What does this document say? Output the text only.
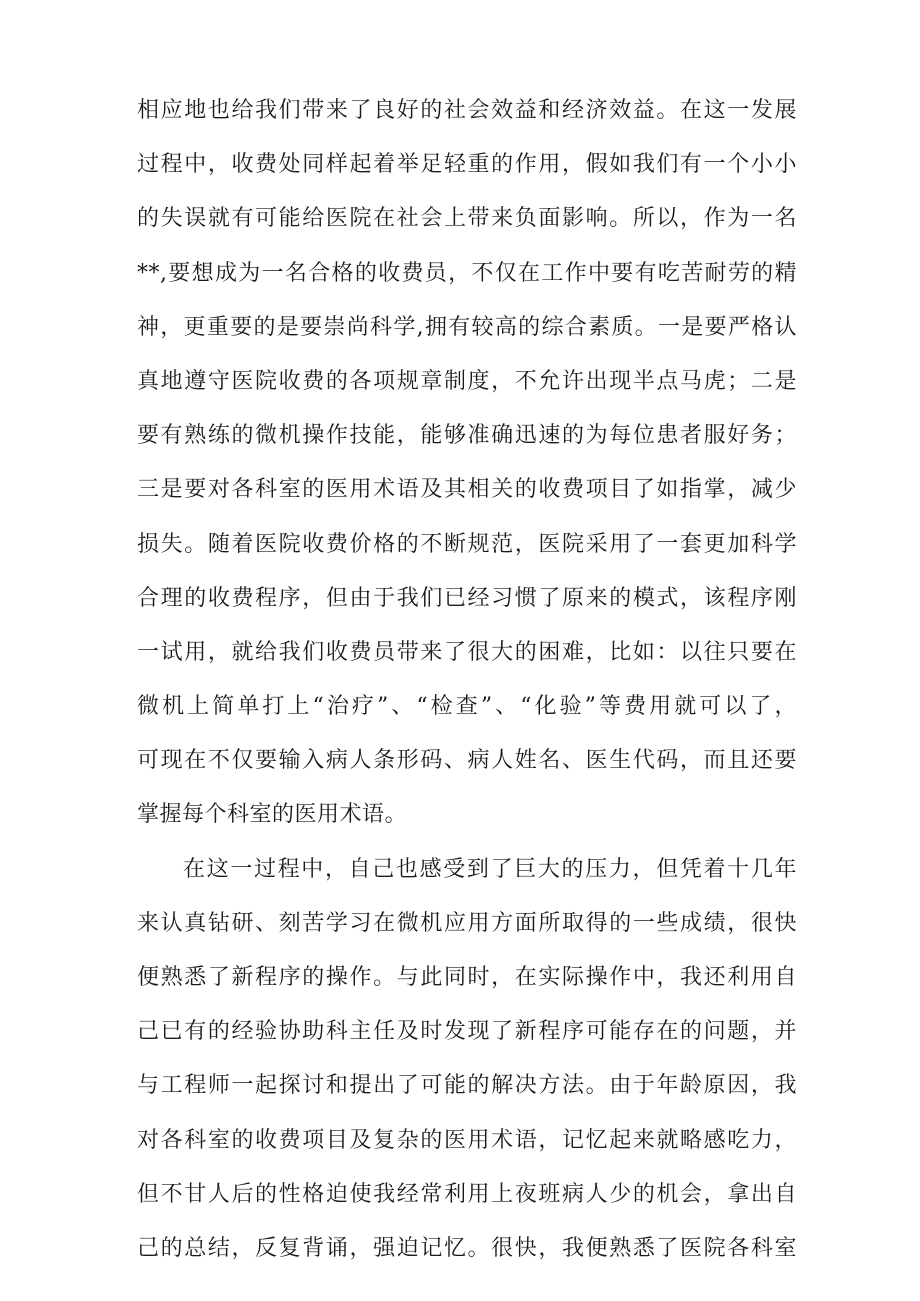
相应地也给我们带来了良好的社会效益和经济效益。在这一发展
过程中，收费处同样起着举足轻重的作用，假如我们有一个小小
的失误就有可能给医院在社会上带来负面影响。所以，作为一名
**,要想成为一名合格的收费员，不仅在工作中要有吃苦耐劳的精
神，更重要的是要崇尚科学,拥有较高的综合素质。一是要严格认
真地遵守医院收费的各项规章制度，不允许出现半点马虎；二是
要有熟练的微机操作技能，能够准确迅速的为每位患者服好务；
三是要对各科室的医用术语及其相关的收费项目了如指掌，减少
损失。随着医院收费价格的不断规范，医院采用了一套更加科学
合理的收费程序，但由于我们已经习惯了原来的模式，该程序刚
一试用，就给我们收费员带来了很大的困难，比如：以往只要在
微机上简单打上“治疗”、“检查”、“化验”等费用就可以了，
可现在不仅要输入病人条形码、病人姓名、医生代码，而且还要
掌握每个科室的医用术语。
在这一过程中，自己也感受到了巨大的压力，但凭着十几年
来认真钻研、刻苦学习在微机应用方面所取得的一些成绩，很快
便熟悉了新程序的操作。与此同时，在实际操作中，我还利用自
己已有的经验协助科主任及时发现了新程序可能存在的问题，并
与工程师一起探讨和提出了可能的解决方法。由于年龄原因，我
对各科室的收费项目及复杂的医用术语，记忆起来就略感吃力，
但不甘人后的性格迫使我经常利用上夜班病人少的机会，拿出自
己的总结，反复背诵，强迫记忆。很快，我便熟悉了医院各科室
